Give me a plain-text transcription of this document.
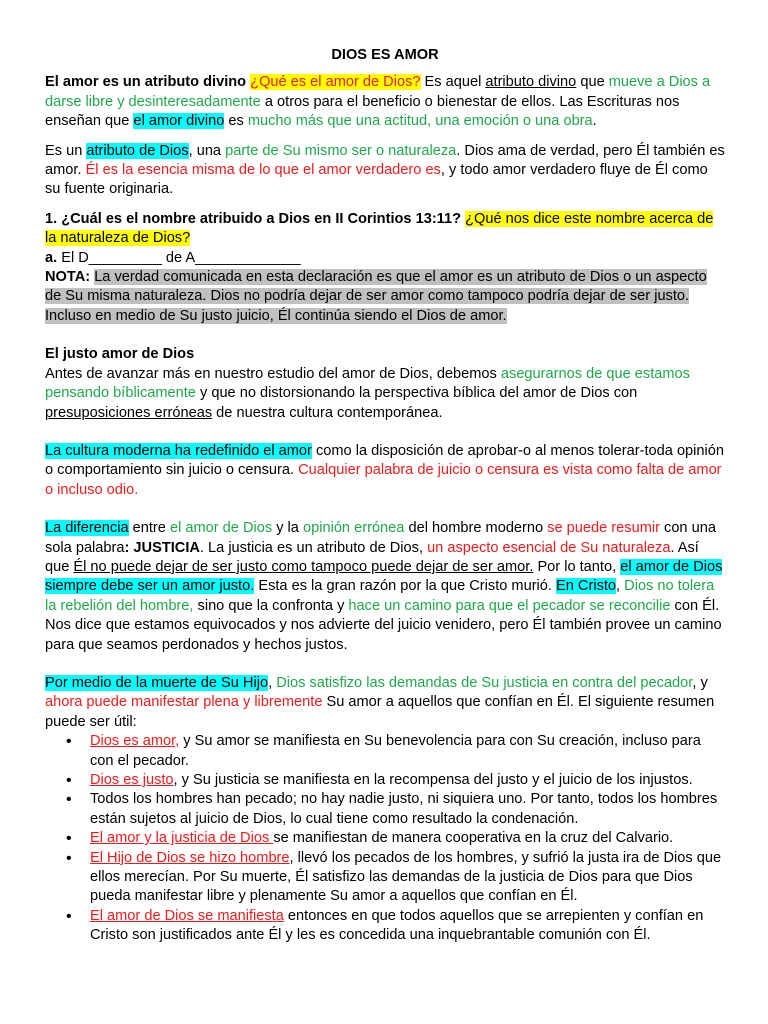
DIOS ES AMOR

El amor es un atributo divino ¿Qué es el amor de Dios? Es aquel atributo divino que mueve a Dios a darse libre y desinteresadamente a otros para el beneficio o bienestar de ellos. Las Escrituras nos enseñan que el amor divino es mucho más que una actitud, una emoción o una obra.

Es un atributo de Dios, una parte de Su mismo ser o naturaleza. Dios ama de verdad, pero Él también es amor. Él es la esencia misma de lo que el amor verdadero es, y todo amor verdadero fluye de Él como su fuente originaria.

1. ¿Cuál es el nombre atribuido a Dios en II Corintios 13:11? ¿Qué nos dice este nombre acerca de la naturaleza de Dios?

a. El D_________ de A_____________

NOTA: La verdad comunicada en esta declaración es que el amor es un atributo de Dios o un aspecto de Su misma naturaleza. Dios no podría dejar de ser amor como tampoco podría dejar de ser justo. Incluso en medio de Su justo juicio, Él continúa siendo el Dios de amor.

El justo amor de Dios

Antes de avanzar más en nuestro estudio del amor de Dios, debemos asegurarnos de que estamos pensando bíblicamente y que no distorsionando la perspectiva bíblica del amor de Dios con presuposiciones erróneas de nuestra cultura contemporánea.

La cultura moderna ha redefinido el amor como la disposición de aprobar-o al menos tolerar-toda opinión o comportamiento sin juicio o censura. Cualquier palabra de juicio o censura es vista como falta de amor o incluso odio.

La diferencia entre el amor de Dios y la opinión errónea del hombre moderno se puede resumir con una sola palabra: JUSTICIA. La justicia es un atributo de Dios, un aspecto esencial de Su naturaleza. Así que Él no puede dejar de ser justo como tampoco puede dejar de ser amor. Por lo tanto, el amor de Dios siempre debe ser un amor justo. Esta es la gran razón por la que Cristo murió. En Cristo, Dios no tolera la rebelión del hombre, sino que la confronta y hace un camino para que el pecador se reconcilie con Él. Nos dice que estamos equivocados y nos advierte del juicio venidero, pero Él también provee un camino para que seamos perdonados y hechos justos.

Por medio de la muerte de Su Hijo, Dios satisfizo las demandas de Su justicia en contra del pecador, y ahora puede manifestar plena y libremente Su amor a aquellos que confían en Él. El siguiente resumen puede ser útil:

• Dios es amor, y Su amor se manifiesta en Su benevolencia para con Su creación, incluso para con el pecador.
• Dios es justo, y Su justicia se manifiesta en la recompensa del justo y el juicio de los injustos.
• Todos los hombres han pecado; no hay nadie justo, ni siquiera uno. Por tanto, todos los hombres están sujetos al juicio de Dios, lo cual tiene como resultado la condenación.
• El amor y la justicia de Dios se manifiestan de manera cooperativa en la cruz del Calvario.
• El Hijo de Dios se hizo hombre, llevó los pecados de los hombres, y sufrió la justa ira de Dios que ellos merecían. Por Su muerte, Él satisfizo las demandas de la justicia de Dios para que Dios pueda manifestar libre y plenamente Su amor a aquellos que confían en Él.
• El amor de Dios se manifiesta entonces en que todos aquellos que se arrepienten y confían en Cristo son justificados ante Él y les es concedida una inquebrantable comunión con Él.
